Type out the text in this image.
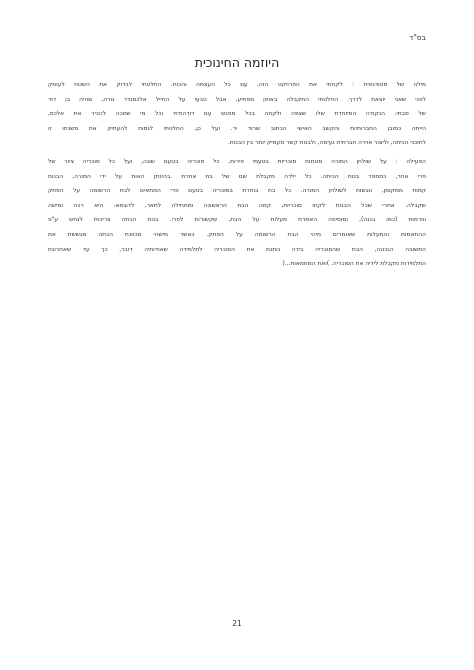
בס"ד
היוזמה החינוכית

מילה של סטודנטית : לקחתי את הפרויקט הזה, עם כל העצמה והכוח. החלטתי לבדוק את השטח לעומק
לפני שאני יוצאת לדרך. החלטתי התקבלה באופן מפתיע, אבל טבעי על החייל אלכסנדר גורה, שהיה בן דוד
של סבתי. הנקודה המיוחדת שלו שצפה ולקחה בכל מפגש עם דודהודוד וכל מי שזוכה להכיר את אלכס,
הייתה כמובן החברותיות והקשב האישי הכתוב שרוד יר. ועל כן, החלטתי לנסות להעתיק את משנתו זו
לתוכני הכיתה, וליצור אוירה חברתית נעימה, ולבנות קשר מעמיק יותר בין הבנות.

הפעילה : על שולחן המורה מונחות סוכריות בטעמי פירות, כל סוכריה בטעם שונה, ועל כל סוכריה ציור של
פרי אחר, כמספר בנות הכיתה. כל ילדה מקבלת שם של בת אחרת .בהינתן האות על ידי המורה, הבנות
קמות ממקומן, ונגשות לשולחן המורה. כל בת בוחרת בסוכריה בטעם פרי המתאים לבת הרשומה על הפתק
שקבלה. אחרי שכל הבנות לקחו סוכריות, קמה הבת הראשונה ומתחילה לתאר, לדוגמא- היא רכה ומישה
ווורמות (כמו בננה), ומוסיפה האמרת מעלות על הבת, שקשורות לפרי. בנות הכתה צריכות לנחש ע"פ
ההתאמות והמעלות שאומרים מיהי הבת הרשומה על הפתק. כאשר מישהי מכוונת הכתה מגששת את
התשובה הנכונה, הבת שהסוכריה בידה נותנת את הסוכריה לתלמידה שאודותיה דובר, כך עד שאחרונת
התלמידות מקבלת לידיה את הסוכריה. )ואת המחמאות...(

21
